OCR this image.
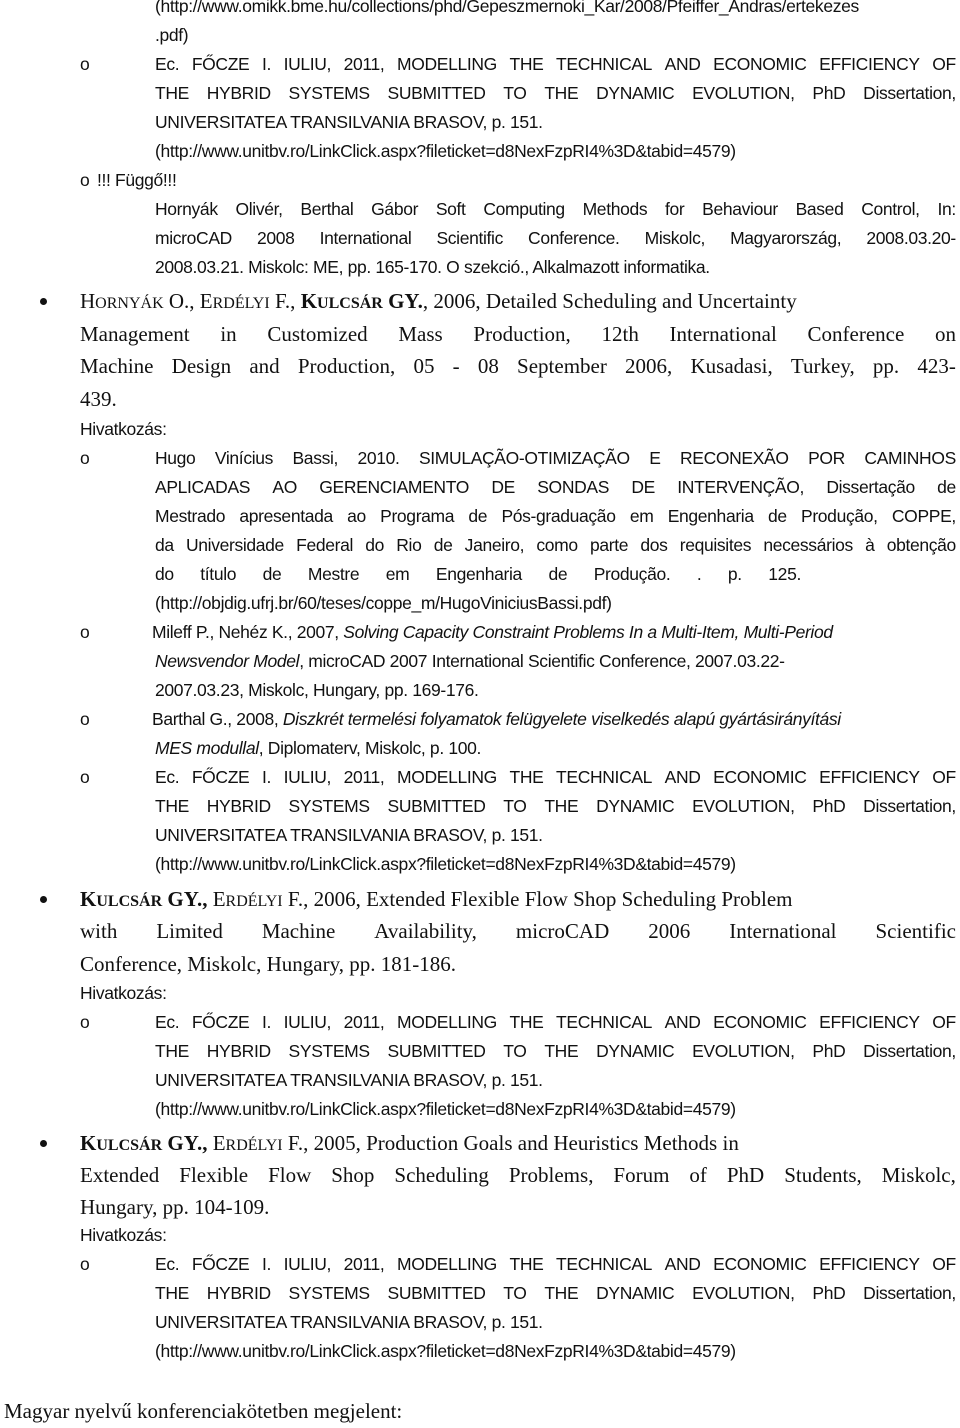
(http://www.omikk.bme.hu/collections/phd/Gepeszmernoki_Kar/2008/Pfeiffer_Andras/ertekezes
.pdf)
o	Ec. FŐCZE I. IULIU, 2011, MODELLING THE TECHNICAL AND ECONOMIC EFFICIENCY OF
THE HYBRID SYSTEMS SUBMITTED TO THE DYNAMIC EVOLUTION, PhD Dissertation,
UNIVERSITATEA TRANSILVANIA BRASOV, p. 151.
(http://www.unitbv.ro/LinkClick.aspx?fileticket=d8NexFzpRI4%3D&tabid=4579)
o !!! Függő!!!
Hornyák Olivér, Berthal Gábor Soft Computing Methods for Behaviour Based Control, In:
microCAD 2008 International Scientific Conference. Miskolc, Magyarország, 2008.03.20-
2008.03.21. Miskolc: ME, pp. 165-170. O szekció., Alkalmazott informatika.
HORNYÁK O., ERDÉLYI F., KULCSÁR GY., 2006, Detailed Scheduling and Uncertainty
Management in Customized Mass Production, 12th International Conference on
Machine Design and Production, 05 - 08 September 2006, Kusadasi, Turkey, pp. 423-
439.
Hivatkozás:
o	Hugo Vinícius Bassi, 2010. SIMULAÇÃO-OTIMIZAÇÃO E RECONEXÃO POR CAMINHOS
APLICADAS AO GERENCIAMENTO DE SONDAS DE INTERVENÇÃO, Dissertação de
Mestrado apresentada ao Programa de Pós-graduação em Engenharia de Produção, COPPE,
da Universidade Federal do Rio de Janeiro, como parte dos requisites necessários à obtenção
do título de Mestre em Engenharia de Produção. . p. 125.
(http://objdig.ufrj.br/60/teses/coppe_m/HugoViniciusBassi.pdf)
o	Mileff P., Nehéz K., 2007, Solving Capacity Constraint Problems In a Multi-Item, Multi-Period
Newsvendor Model, microCAD 2007 International Scientific Conference, 2007.03.22-
2007.03.23, Miskolc, Hungary, pp. 169-176.
o	Barthal G., 2008, Diszkrét termelési folyamatok felügyelete viselkedés alapú gyártásirányítási
MES modullal, Diplomaterv, Miskolc, p. 100.
o	Ec. FŐCZE I. IULIU, 2011, MODELLING THE TECHNICAL AND ECONOMIC EFFICIENCY OF
THE HYBRID SYSTEMS SUBMITTED TO THE DYNAMIC EVOLUTION, PhD Dissertation,
UNIVERSITATEA TRANSILVANIA BRASOV, p. 151.
(http://www.unitbv.ro/LinkClick.aspx?fileticket=d8NexFzpRI4%3D&tabid=4579)
KULCSÁR GY., ERDÉLYI F., 2006, Extended Flexible Flow Shop Scheduling Problem
with Limited Machine Availability, microCAD 2006 International Scientific
Conference, Miskolc, Hungary, pp. 181-186.
Hivatkozás:
o	Ec. FŐCZE I. IULIU, 2011, MODELLING THE TECHNICAL AND ECONOMIC EFFICIENCY OF
THE HYBRID SYSTEMS SUBMITTED TO THE DYNAMIC EVOLUTION, PhD Dissertation,
UNIVERSITATEA TRANSILVANIA BRASOV, p. 151.
(http://www.unitbv.ro/LinkClick.aspx?fileticket=d8NexFzpRI4%3D&tabid=4579)
KULCSÁR GY., ERDÉLYI F., 2005, Production Goals and Heuristics Methods in
Extended Flexible Flow Shop Scheduling Problems, Forum of PhD Students, Miskolc,
Hungary, pp. 104-109.
Hivatkozás:
o	Ec. FŐCZE I. IULIU, 2011, MODELLING THE TECHNICAL AND ECONOMIC EFFICIENCY OF
THE HYBRID SYSTEMS SUBMITTED TO THE DYNAMIC EVOLUTION, PhD Dissertation,
UNIVERSITATEA TRANSILVANIA BRASOV, p. 151.
(http://www.unitbv.ro/LinkClick.aspx?fileticket=d8NexFzpRI4%3D&tabid=4579)
Magyar nyelvű konferenciakötetben megjelent:
